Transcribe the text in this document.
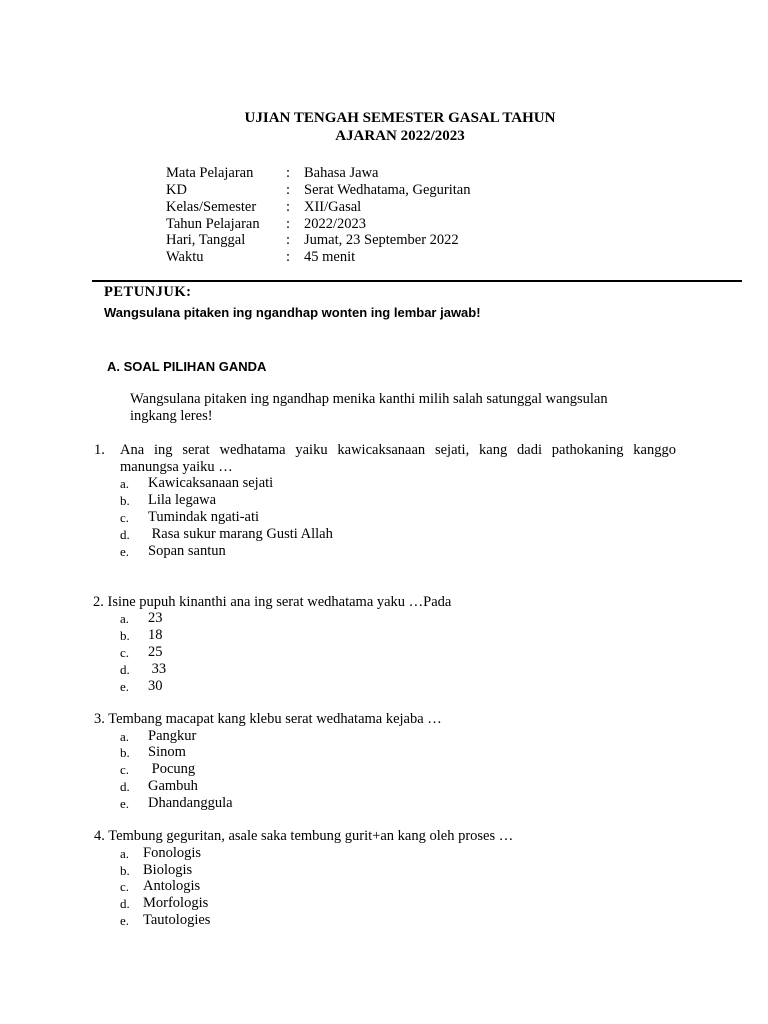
UJIAN TENGAH SEMESTER GASAL TAHUN
AJARAN 2022/2023
Mata Pelajaran : Bahasa Jawa
KD	: Serat Wedhatama, Geguritan
Kelas/Semester : XII/Gasal
Tahun Pelajaran : 2022/2023
Hari, Tanggal	: Jumat, 23 September 2022
Waktu	: 45 menit
PETUNJUK:
Wangsulana pitaken ing ngandhap wonten ing lembar jawab!
A. SOAL PILIHAN GANDA
Wangsulana pitaken ing ngandhap menika kanthi milih salah satunggal wangsulan
ingkang leres!
1. Ana ing serat wedhatama yaiku kawicaksanaan sejati, kang dadi pathokaning kanggo
manungsa yaiku …
a. Kawicaksanaan sejati
b. Lila legawa
c. Tumindak ngati-ati
d. Rasa sukur marang Gusti Allah
e. Sopan santun
2. Isine pupuh kinanthi ana ing serat wedhatama yaku …Pada
a. 23
b. 18
c. 25
d. 33
e. 30
3. Tembang macapat kang klebu serat wedhatama kejaba …
a. Pangkur
b. Sinom
c. Pocung
d. Gambuh
e. Dhandanggula
4. Tembung geguritan, asale saka tembung gurit+an kang oleh proses …
a. Fonologis
b. Biologis
c. Antologis
d. Morfologis
e. Tautologies
